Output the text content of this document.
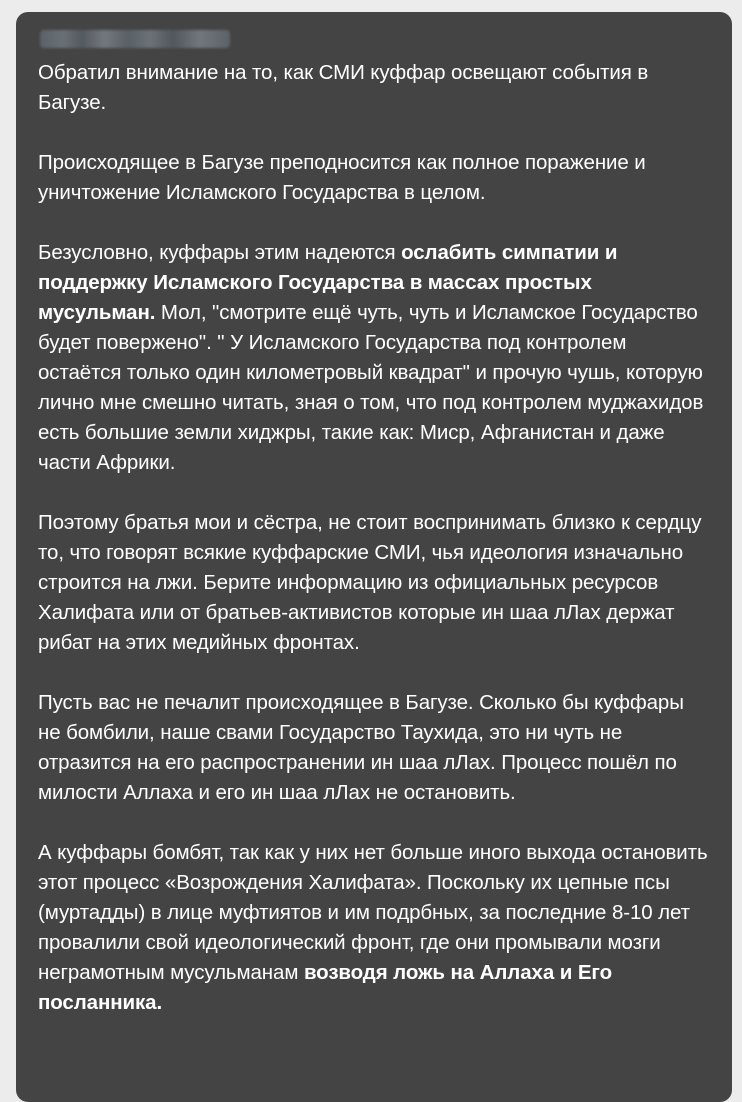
Обратил внимание на то, как СМИ куффар освещают события в Багузе.

Происходящее в Багузе преподносится как полное поражение и уничтожение Исламского Государства в целом.

Безусловно, куффары этим надеются ослабить симпатии и поддержку Исламского Государства в массах простых мусульман. Мол, "смотрите ещё чуть, чуть и Исламское Государство будет повержено". " У Исламского Государства под контролем остаётся только один километровый квадрат" и прочую чушь, которую лично мне смешно читать, зная о том, что под контролем муджахидов есть большие земли хиджры, такие как: Миср, Афганистан и даже части Африки.

Поэтому братья мои и сёстра, не стоит воспринимать близко к сердцу то, что говорят всякие куффарские СМИ, чья идеология изначально строится на лжи. Берите информацию из официальных ресурсов Халифата или от братьев-активистов которые ин шаа лЛах держат рибат на этих медийных фронтах.

Пусть вас не печалит происходящее в Багузе. Сколько бы куффары не бомбили, наше свами Государство Таухида, это ни чуть не отразится на его распространении ин шаа лЛах. Процесс пошёл по милости Аллаха и его ин шаа лЛах не остановить.

А куффары бомбят, так как у них нет больше иного выхода остановить этот процесс «Возрождения Халифата». Поскольку их цепные псы (муртадды) в лице муфтиятов и им подрбных, за последние 8-10 лет провалили свой идеологический фронт, где они промывали мозги неграмотным мусульманам возводя ложь на Аллаха и Его посланника.
